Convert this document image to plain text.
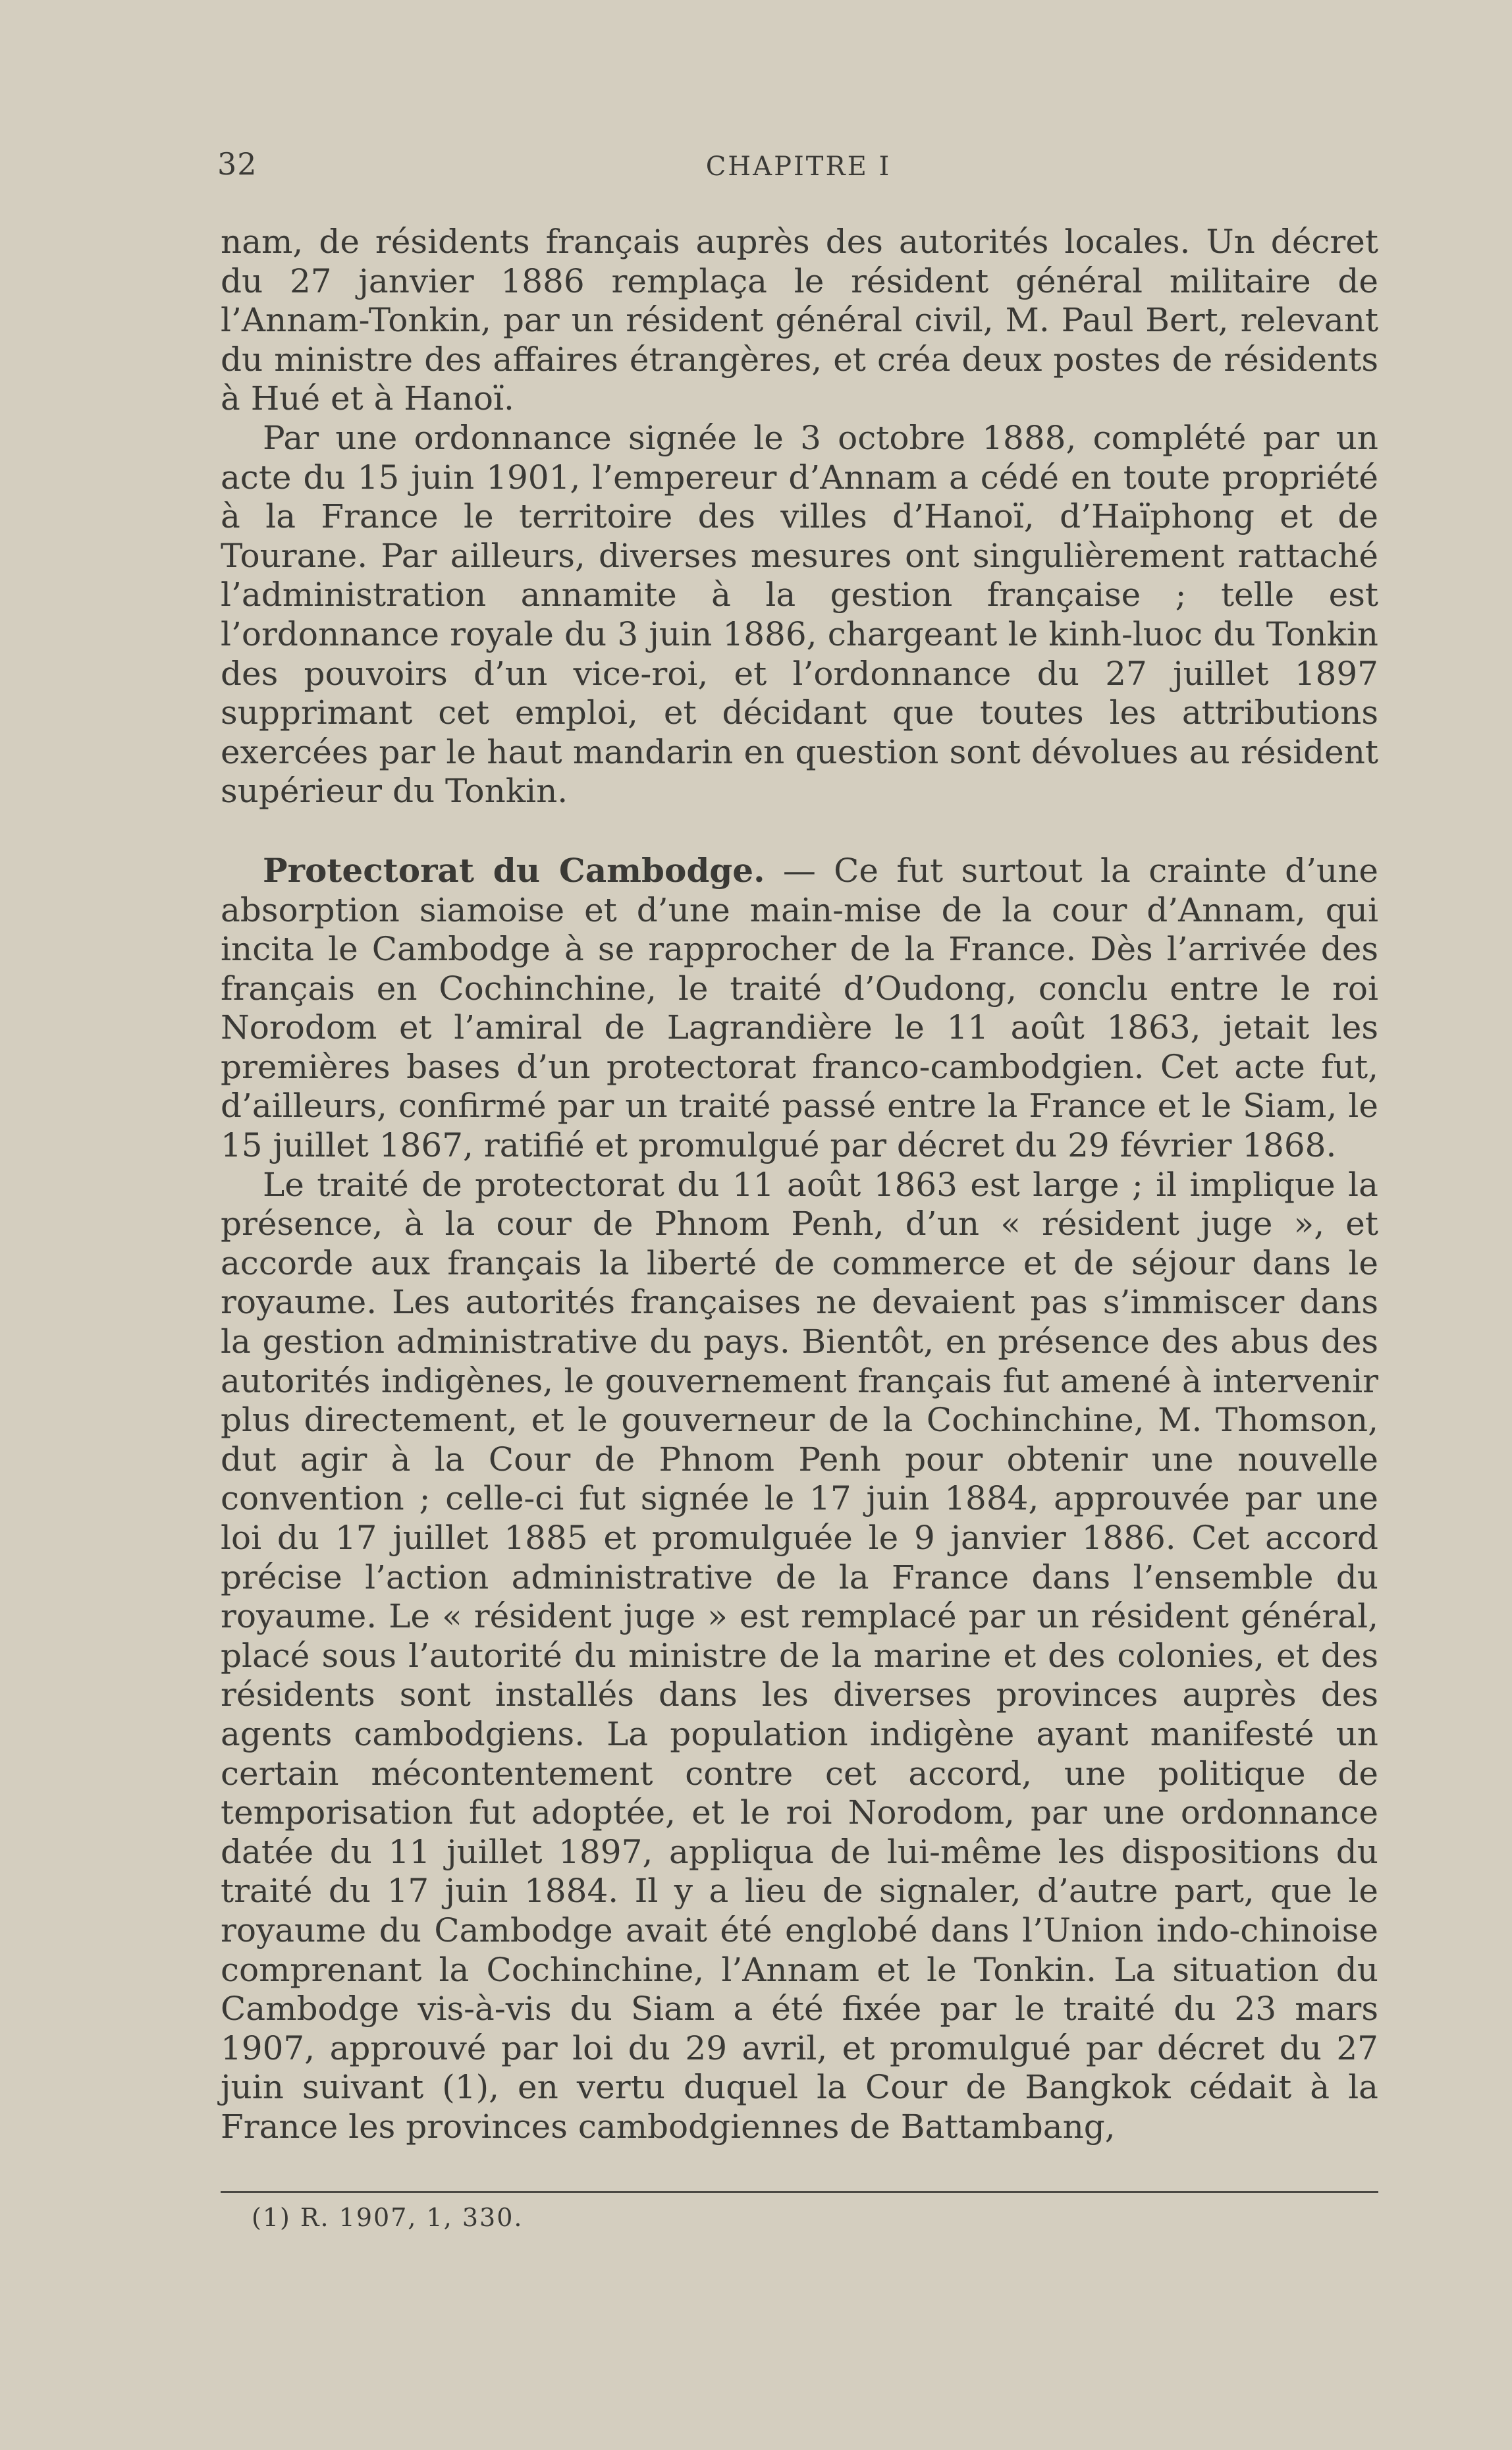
32	CHAPITRE I

nam, de résidents français auprès des autorités locales. Un décret du 27 janvier 1886 remplaça le résident général militaire de l’Annam-Tonkin, par un résident général civil, M. Paul Bert, relevant du ministre des affaires étrangères, et créa deux postes de résidents à Hué et à Hanoï.

Par une ordonnance signée le 3 octobre 1888, complété par un acte du 15 juin 1901, l’empereur d’Annam a cédé en toute propriété à la France le territoire des villes d’Hanoï, d’Haïphong et de Tourane. Par ailleurs, diverses mesures ont singulièrement rattaché l’administration annamite à la gestion française ; telle est l’ordonnance royale du 3 juin 1886, chargeant le kinh-luoc du Tonkin des pouvoirs d’un vice-roi, et l’ordonnance du 27 juillet 1897 supprimant cet emploi, et décidant que toutes les attributions exercées par le haut mandarin en question sont dévolues au résident supérieur du Tonkin.

Protectorat du Cambodge. — Ce fut surtout la crainte d’une absorption siamoise et d’une main-mise de la cour d’Annam, qui incita le Cambodge à se rapprocher de la France. Dès l’arrivée des français en Cochinchine, le traité d’Oudong, conclu entre le roi Norodom et l’amiral de Lagrandière le 11 août 1863, jetait les premières bases d’un protectorat franco-cambodgien. Cet acte fut, d’ailleurs, confirmé par un traité passé entre la France et le Siam, le 15 juillet 1867, ratifié et promulgué par décret du 29 février 1868.

Le traité de protectorat du 11 août 1863 est large ; il implique la présence, à la cour de Phnom Penh, d’un « résident juge », et accorde aux français la liberté de commerce et de séjour dans le royaume. Les autorités françaises ne devaient pas s’immiscer dans la gestion administrative du pays. Bientôt, en présence des abus des autorités indigènes, le gouvernement français fut amené à intervenir plus directement, et le gouverneur de la Cochinchine, M. Thomson, dut agir à la Cour de Phnom Penh pour obtenir une nouvelle convention ; celle-ci fut signée le 17 juin 1884, approuvée par une loi du 17 juillet 1885 et promulguée le 9 janvier 1886. Cet accord précise l’action administrative de la France dans l’ensemble du royaume. Le « résident juge » est remplacé par un résident général, placé sous l’autorité du ministre de la marine et des colonies, et des résidents sont installés dans les diverses provinces auprès des agents cambodgiens. La population indigène ayant manifesté un certain mécontentement contre cet accord, une politique de temporisation fut adoptée, et le roi Norodom, par une ordonnance datée du 11 juillet 1897, appliqua de lui-même les dispositions du traité du 17 juin 1884. Il y a lieu de signaler, d’autre part, que le royaume du Cambodge avait été englobé dans l’Union indo-chinoise comprenant la Cochinchine, l’Annam et le Tonkin. La situation du Cambodge vis-à-vis du Siam a été fixée par le traité du 23 mars 1907, approuvé par loi du 29 avril, et promulgué par décret du 27 juin suivant (1), en vertu duquel la Cour de Bangkok cédait à la France les provinces cambodgiennes de Battambang,

(1) R. 1907, 1, 330.
